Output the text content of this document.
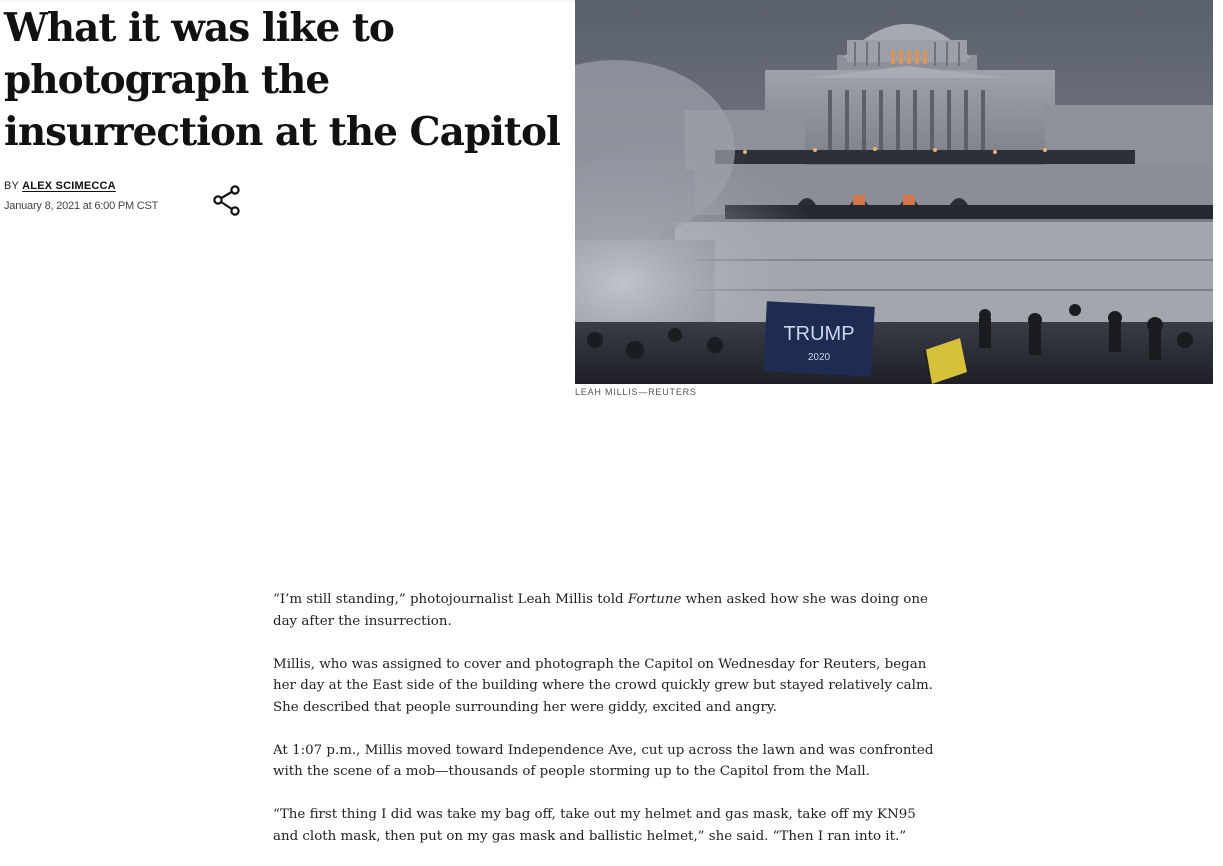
What it was like to photograph the insurrection at the Capitol
BY ALEX SCIMECCA
January 8, 2021 at 6:00 PM CST
TRUMP
2020
LEAH MILLIS—REUTERS

“I’m still standing,” photojournalist Leah Millis told Fortune when asked how she was doing one day after the insurrection.

Millis, who was assigned to cover and photograph the Capitol on Wednesday for Reuters, began her day at the East side of the building where the crowd quickly grew but stayed relatively calm. She described that people surrounding her were giddy, excited and angry.

At 1:07 p.m., Millis moved toward Independence Ave, cut up across the lawn and was confronted with the scene of a mob—thousands of people storming up to the Capitol from the Mall.

“The first thing I did was take my bag off, take out my helmet and gas mask, take off my KN95 and cloth mask, then put on my gas mask and ballistic helmet,” she said. “Then I ran into it.”
